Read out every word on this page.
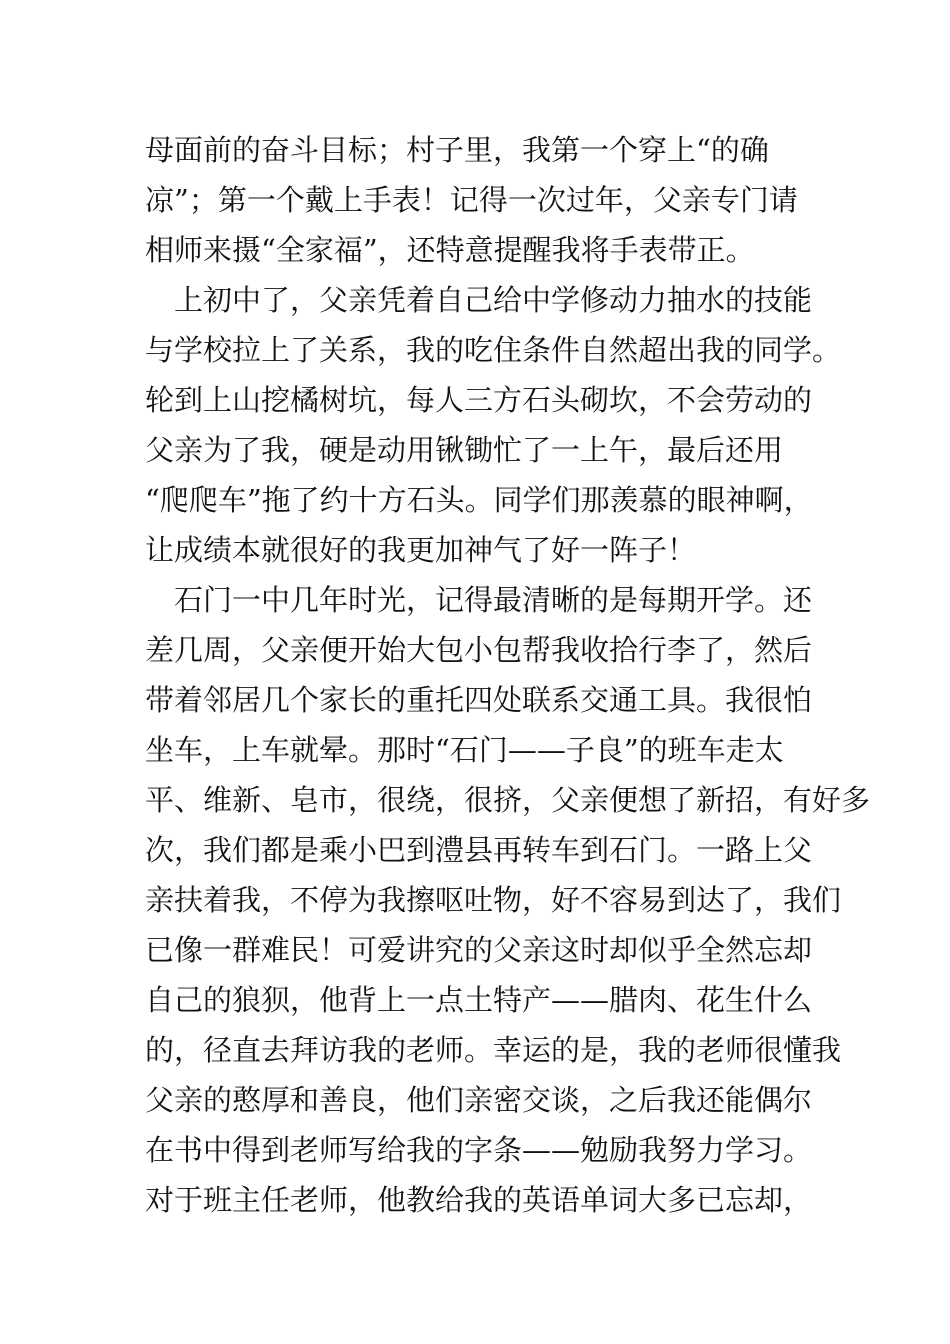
母面前的奋斗目标；村子里，我第一个穿上“的确
凉”；第一个戴上手表！记得一次过年，父亲专门请
相师来摄“全家福”，还特意提醒我将手表带正。
　上初中了，父亲凭着自己给中学修动力抽水的技能
与学校拉上了关系，我的吃住条件自然超出我的同学。
轮到上山挖橘树坑，每人三方石头砌坎，不会劳动的
父亲为了我，硬是动用锹锄忙了一上午，最后还用
“爬爬车”拖了约十方石头。同学们那羡慕的眼神啊，
让成绩本就很好的我更加神气了好一阵子！
　石门一中几年时光，记得最清晰的是每期开学。还
差几周，父亲便开始大包小包帮我收拾行李了，然后
带着邻居几个家长的重托四处联系交通工具。我很怕
坐车，上车就晕。那时“石门——子良”的班车走太
平、维新、皂市，很绕，很挤，父亲便想了新招，有好多
次，我们都是乘小巴到澧县再转车到石门。一路上父
亲扶着我，不停为我擦呕吐物，好不容易到达了，我们
已像一群难民！可爱讲究的父亲这时却似乎全然忘却
自己的狼狈，他背上一点土特产——腊肉、花生什么
的，径直去拜访我的老师。幸运的是，我的老师很懂我
父亲的憨厚和善良，他们亲密交谈，之后我还能偶尔
在书中得到老师写给我的字条——勉励我努力学习。
对于班主任老师，他教给我的英语单词大多已忘却，
